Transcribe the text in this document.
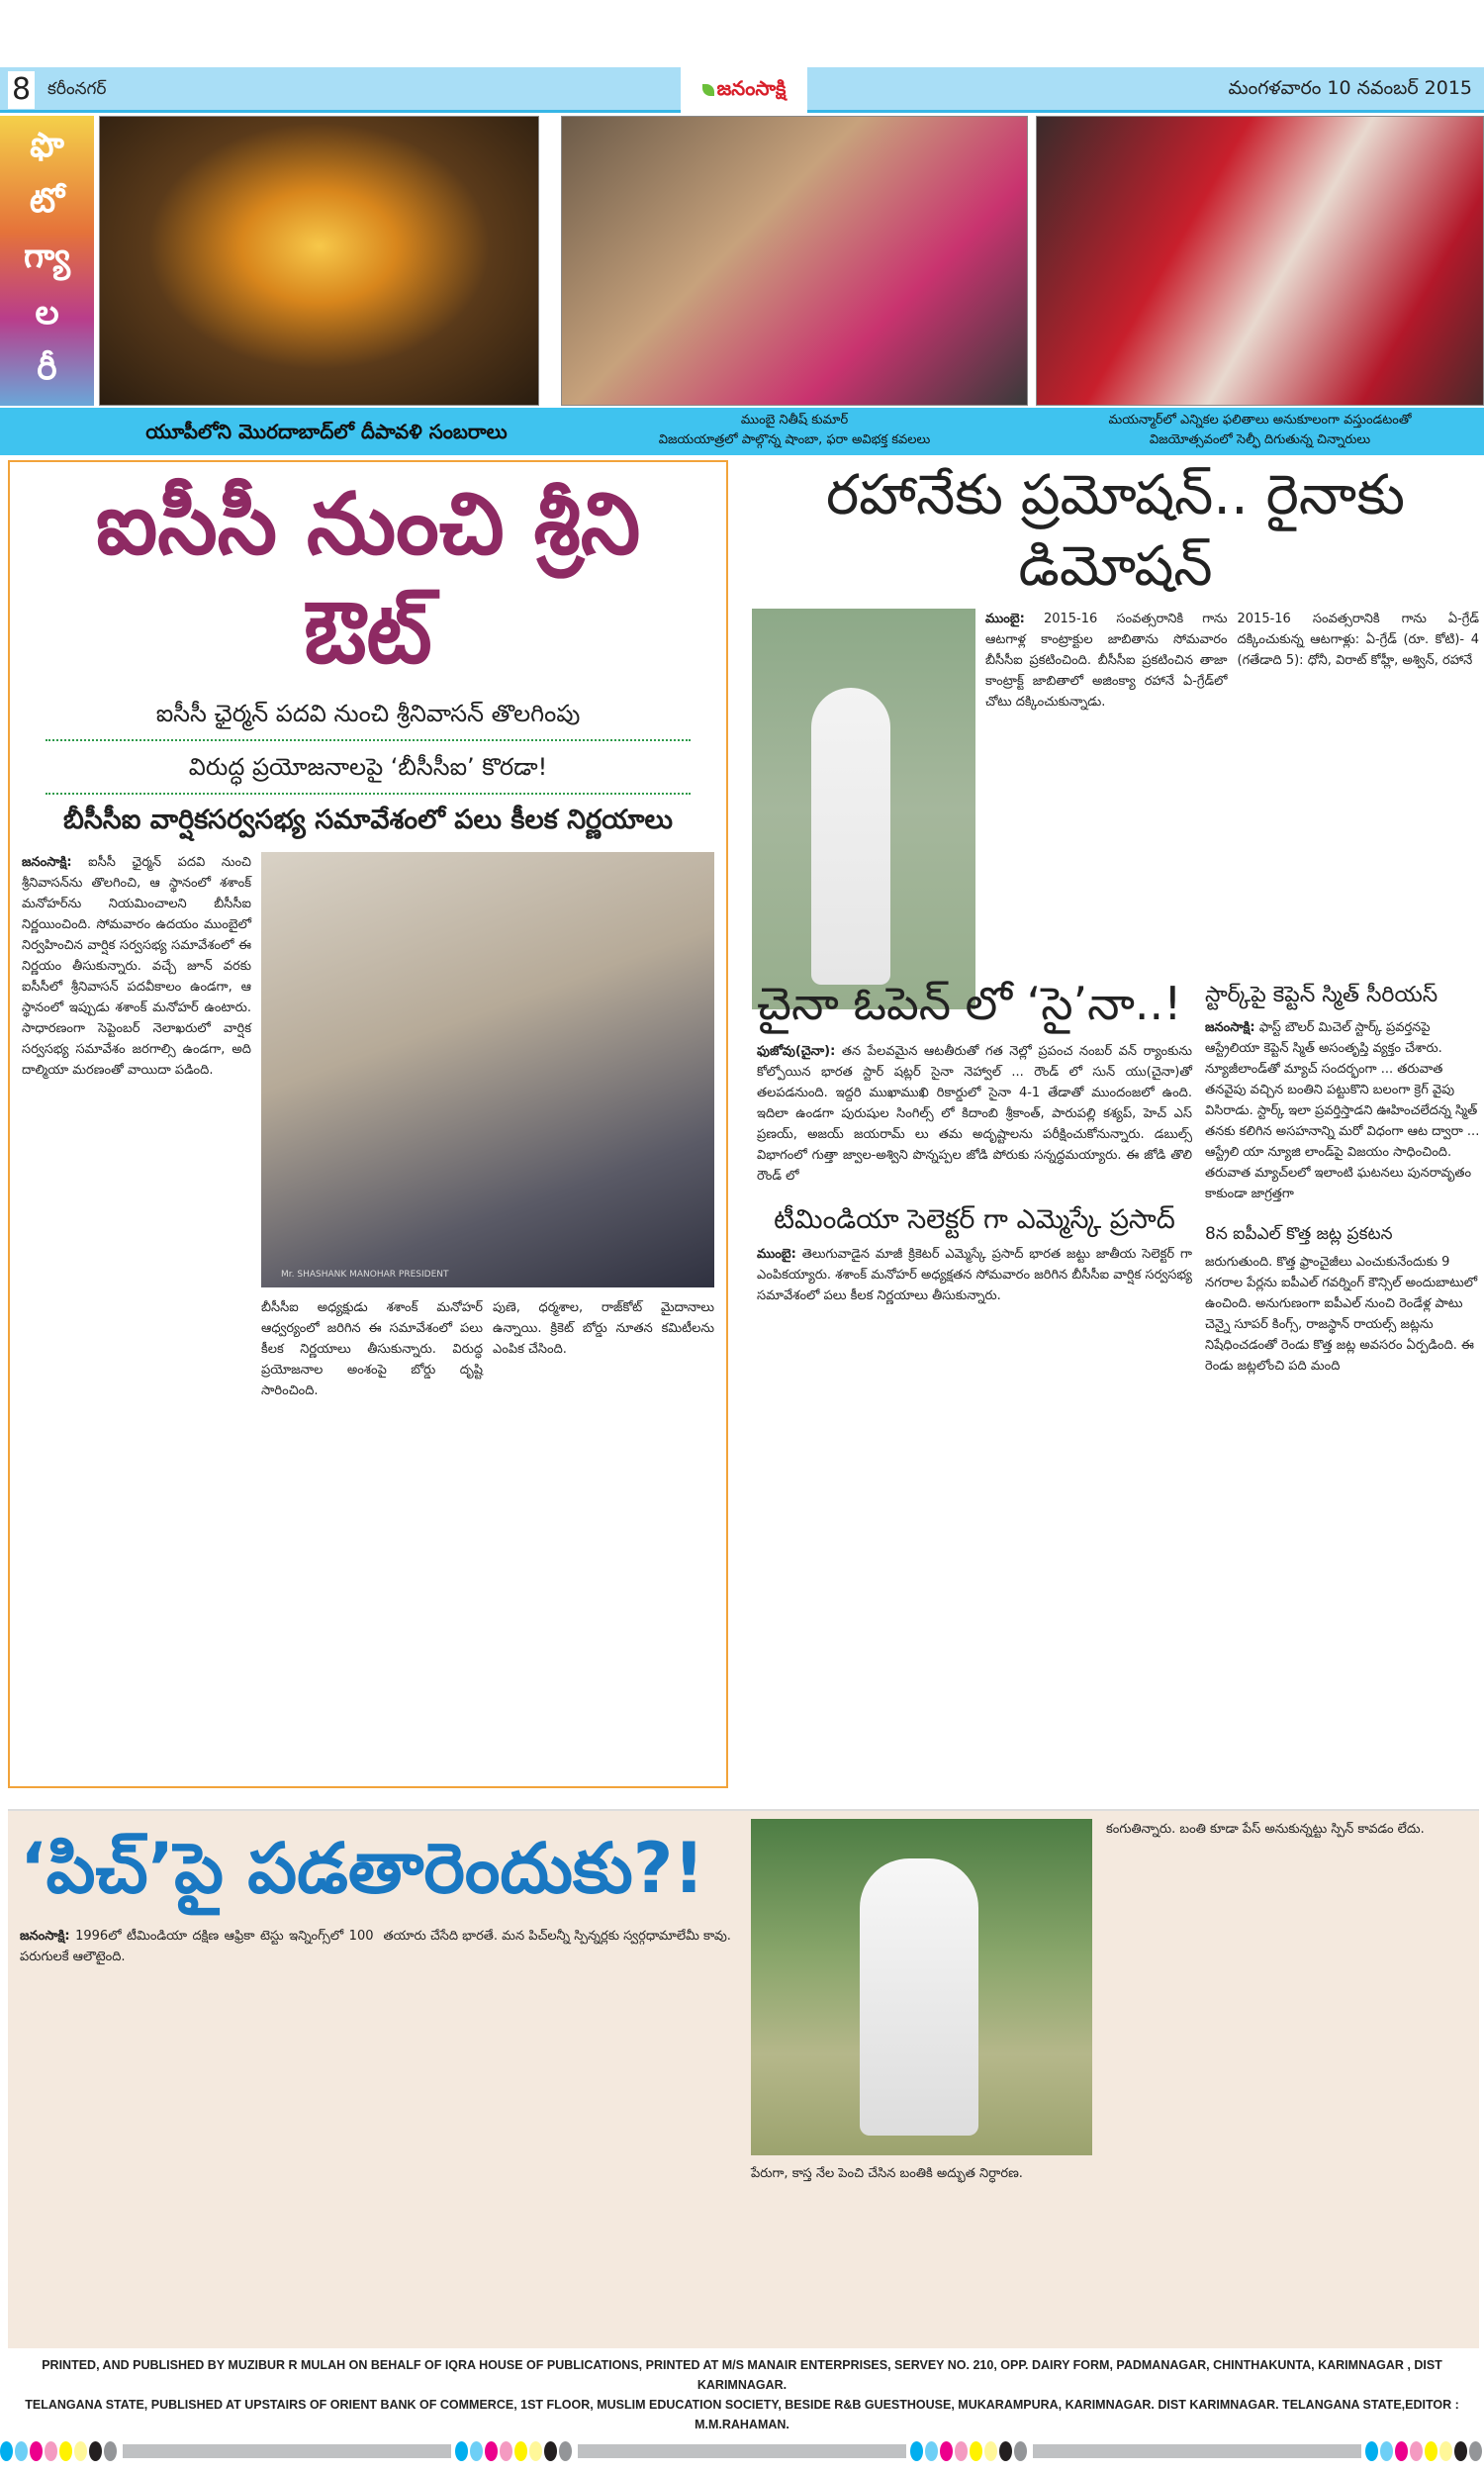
8 కరీంనగర్	జనంసాక్షి	మంగళవారం 10 నవంబర్ 2015
ఫొ
టో
గ్యా
ల
రీ
యూపీలోని మొరదాబాద్‌లో దీపావళి సంబరాలు	ముంబై నితీష్ కుమార్
విజయయాత్రలో పాల్గొన్న షాంబా, ఫరా అవిభక్త కవలలు
మయన్మార్‌లో ఎన్నికల ఫలితాలు అనుకూలంగా వస్తుండటంతో
విజయోత్సవంలో సెల్ఫీ దిగుతున్న చిన్నారులు
ఐసీసీ నుంచి శ్రీని ఔట్
ఐసీసీ ఛైర్మన్ పదవి నుంచి శ్రీనివాసన్ తొలగింపు
విరుద్ధ ప్రయోజనాలపై ‘బీసీసీఐ’ కొరడా!
బీసీసీఐ వార్షికసర్వసభ్య సమావేశంలో పలు కీలక నిర్ణయాలు
జనంసాక్షి: ఐసీసీ ఛైర్మన్ పదవి నుంచి శ్రీనివాసన్‌ను తొలగించి, ఆ స్థానంలో శశాంక్ మనోహర్‌ను నియమించాలని బీసీసీఐ నిర్ణయించింది. సోమవారం ఉదయం ముంబైలో నిర్వహించిన వార్షిక సర్వసభ్య సమావేశంలో ఈ నిర్ణయం తీసుకున్నారు. వచ్చే జూన్ వరకు ఐసీసీలో శ్రీనివాసన్ పదవీకాలం ఉండగా, ఆ స్థానంలో ఇప్పుడు శశాంక్ మనోహర్ ఉంటారు. సాధారణంగా సెప్టెంబర్ నెలాఖరులో వార్షిక సర్వసభ్య సమావేశం జరగాల్సి ఉండగా, అది దాల్మియా మరణంతో వాయిదా పడింది.
Mr. SHASHANK MANOHAR PRESIDENT
బీసీసీఐ అధ్యక్షుడు శశాంక్ మనోహర్ ఆధ్వర్యంలో జరిగిన ఈ సమావేశంలో పలు కీలక నిర్ణయాలు తీసుకున్నారు. విరుద్ధ ప్రయోజనాల అంశంపై బోర్డు దృష్టి సారించింది.
పుణె, ధర్మశాల, రాజ్‌కోట్ మైదానాలు ఉన్నాయి. క్రికెట్ బోర్డు నూతన కమిటీలను ఎంపిక చేసింది.
రహానేకు ప్రమోషన్.. రైనాకు డిమోషన్
ముంబై: 2015-16 సంవత్సరానికి గాను ఆటగాళ్ల కాంట్రాక్టుల జాబితాను సోమవారం బీసీసీఐ ప్రకటించింది. బీసీసీఐ ప్రకటించిన తాజా కాంట్రాక్ట్ జాబితాలో అజింక్యా రహానే ఏ-గ్రేడ్‌లో చోటు దక్కించుకున్నాడు.
2015-16 సంవత్సరానికి గాను ఏ-గ్రేడ్ దక్కించుకున్న ఆటగాళ్లు: ఏ-గ్రేడ్ (రూ. కోటి)- 4 (గతేడాది 5): ధోనీ, విరాట్ కోహ్లీ, అశ్విన్, రహానే
చైనా ఓపెన్ లో ‘సై’నా..!
ఫుజోవు(చైనా): తన పేలవమైన ఆటతీరుతో గత నెల్లో ప్రపంచ నంబర్ వన్ ర్యాంకును కోల్పోయిన భారత స్టార్ షట్లర్ సైనా నెహ్వాల్ ... రౌండ్ లో సున్ యు(చైనా)తో తలపడనుంది. ఇద్దరి ముఖాముఖి రికార్డులో సైనా 4-1 తేడాతో ముందంజలో ఉంది. ఇదిలా ఉండగా పురుషుల సింగిల్స్ లో కిదాంబి శ్రీకాంత్, పారుపల్లి కశ్యప్, హెచ్ ఎస్ ప్రణయ్, అజయ్ జయరామ్ లు తమ అదృష్టాలను పరీక్షించుకోనున్నారు. డబుల్స్ విభాగంలో గుత్తా జ్వాల-అశ్విని పొన్నప్పల జోడి పోరుకు సన్నద్ధమయ్యారు. ఈ జోడి తొలి రౌండ్ లో
టీమిండియా సెలెక్టర్ గా ఎమ్మెస్కే ప్రసాద్
ముంబై: తెలుగువాడైన మాజీ క్రికెటర్ ఎమ్మెస్కే ప్రసాద్ భారత జట్టు జాతీయ సెలెక్టర్ గా ఎంపికయ్యారు. శశాంక్ మనోహర్ అధ్యక్షతన సోమవారం జరిగిన బీసీసీఐ వార్షిక సర్వసభ్య సమావేశంలో పలు కీలక నిర్ణయాలు తీసుకున్నారు.
స్టార్క్‌పై కెప్టెన్ స్మిత్ సీరియస్
జనంసాక్షి: ఫాస్ట్ బౌలర్ మిచెల్ స్టార్క్ ప్రవర్తనపై ఆస్ట్రేలియా కెప్టెన్ స్మిత్ అసంతృప్తి వ్యక్తం చేశారు. న్యూజీలాండ్‌తో మ్యాచ్ సందర్భంగా ... తరువాత తనవైపు వచ్చిన బంతిని పట్టుకొని బలంగా క్రెగ్ వైపు విసిరాడు. స్టార్క్ ఇలా ప్రవర్తిస్తాడని ఊహించలేదన్న స్మిత్ తనకు కలిగిన అసహనాన్ని మరో విధంగా ఆట ద్వారా ... ఆస్ట్రేలి యా న్యూజి లాండ్‌పై విజయం సాధించింది. తరువాత మ్యాచ్‌లలో ఇలాంటి ఘటనలు పునరావృతం కాకుండా జాగ్రత్తగా
8న ఐపీఎల్ కొత్త జట్ల ప్రకటన
జరుగుతుంది. కొత్త ఫ్రాంచైజీలు ఎంచుకునేందుకు 9 నగరాల పేర్లను ఐపీఎల్ గవర్నింగ్ కౌన్సిల్ అందుబాటులో ఉంచింది. అనుగుణంగా ఐపీఎల్ నుంచి రెండేళ్ల పాటు చెన్నై సూపర్ కింగ్స్, రాజస్థాన్ రాయల్స్ జట్లను నిషేధించడంతో రెండు కొత్త జట్ల అవసరం ఏర్పడింది. ఈ రెండు జట్లలోంచి పది మంది
‘పిచ్’పై పడతారెందుకు?!
జనంసాక్షి: 1996లో టీమిండియా దక్షిణ ఆఫ్రికా టెస్టు ఇన్నింగ్స్‌లో 100 పరుగులకే ఆలౌటైంది.
తయారు చేసేది భారతే. మన పిచ్‌లన్నీ స్పిన్నర్లకు స్వర్గధామాలేమీ కావు.
పేరుగా, కాస్త నేల పెంచి చేసిన బంతికి అద్భుత నిర్ధారణ.
కంగుతిన్నారు. బంతి కూడా పేస్ అనుకున్నట్టు స్పిన్ కావడం లేదు.
PRINTED, AND PUBLISHED BY MUZIBUR R MULAH ON BEHALF OF IQRA HOUSE OF PUBLICATIONS, PRINTED AT M/S MANAIR ENTERPRISES, SERVEY NO. 210, OPP. DAIRY FORM, PADMANAGAR, CHINTHAKUNTA, KARIMNAGAR , DIST KARIMNAGAR.
TELANGANA STATE, PUBLISHED AT UPSTAIRS OF ORIENT BANK OF COMMERCE, 1ST FLOOR, MUSLIM EDUCATION SOCIETY, BESIDE R&B GUESTHOUSE, MUKARAMPURA, KARIMNAGAR. DIST KARIMNAGAR. TELANGANA STATE,EDITOR : M.M.RAHAMAN.
